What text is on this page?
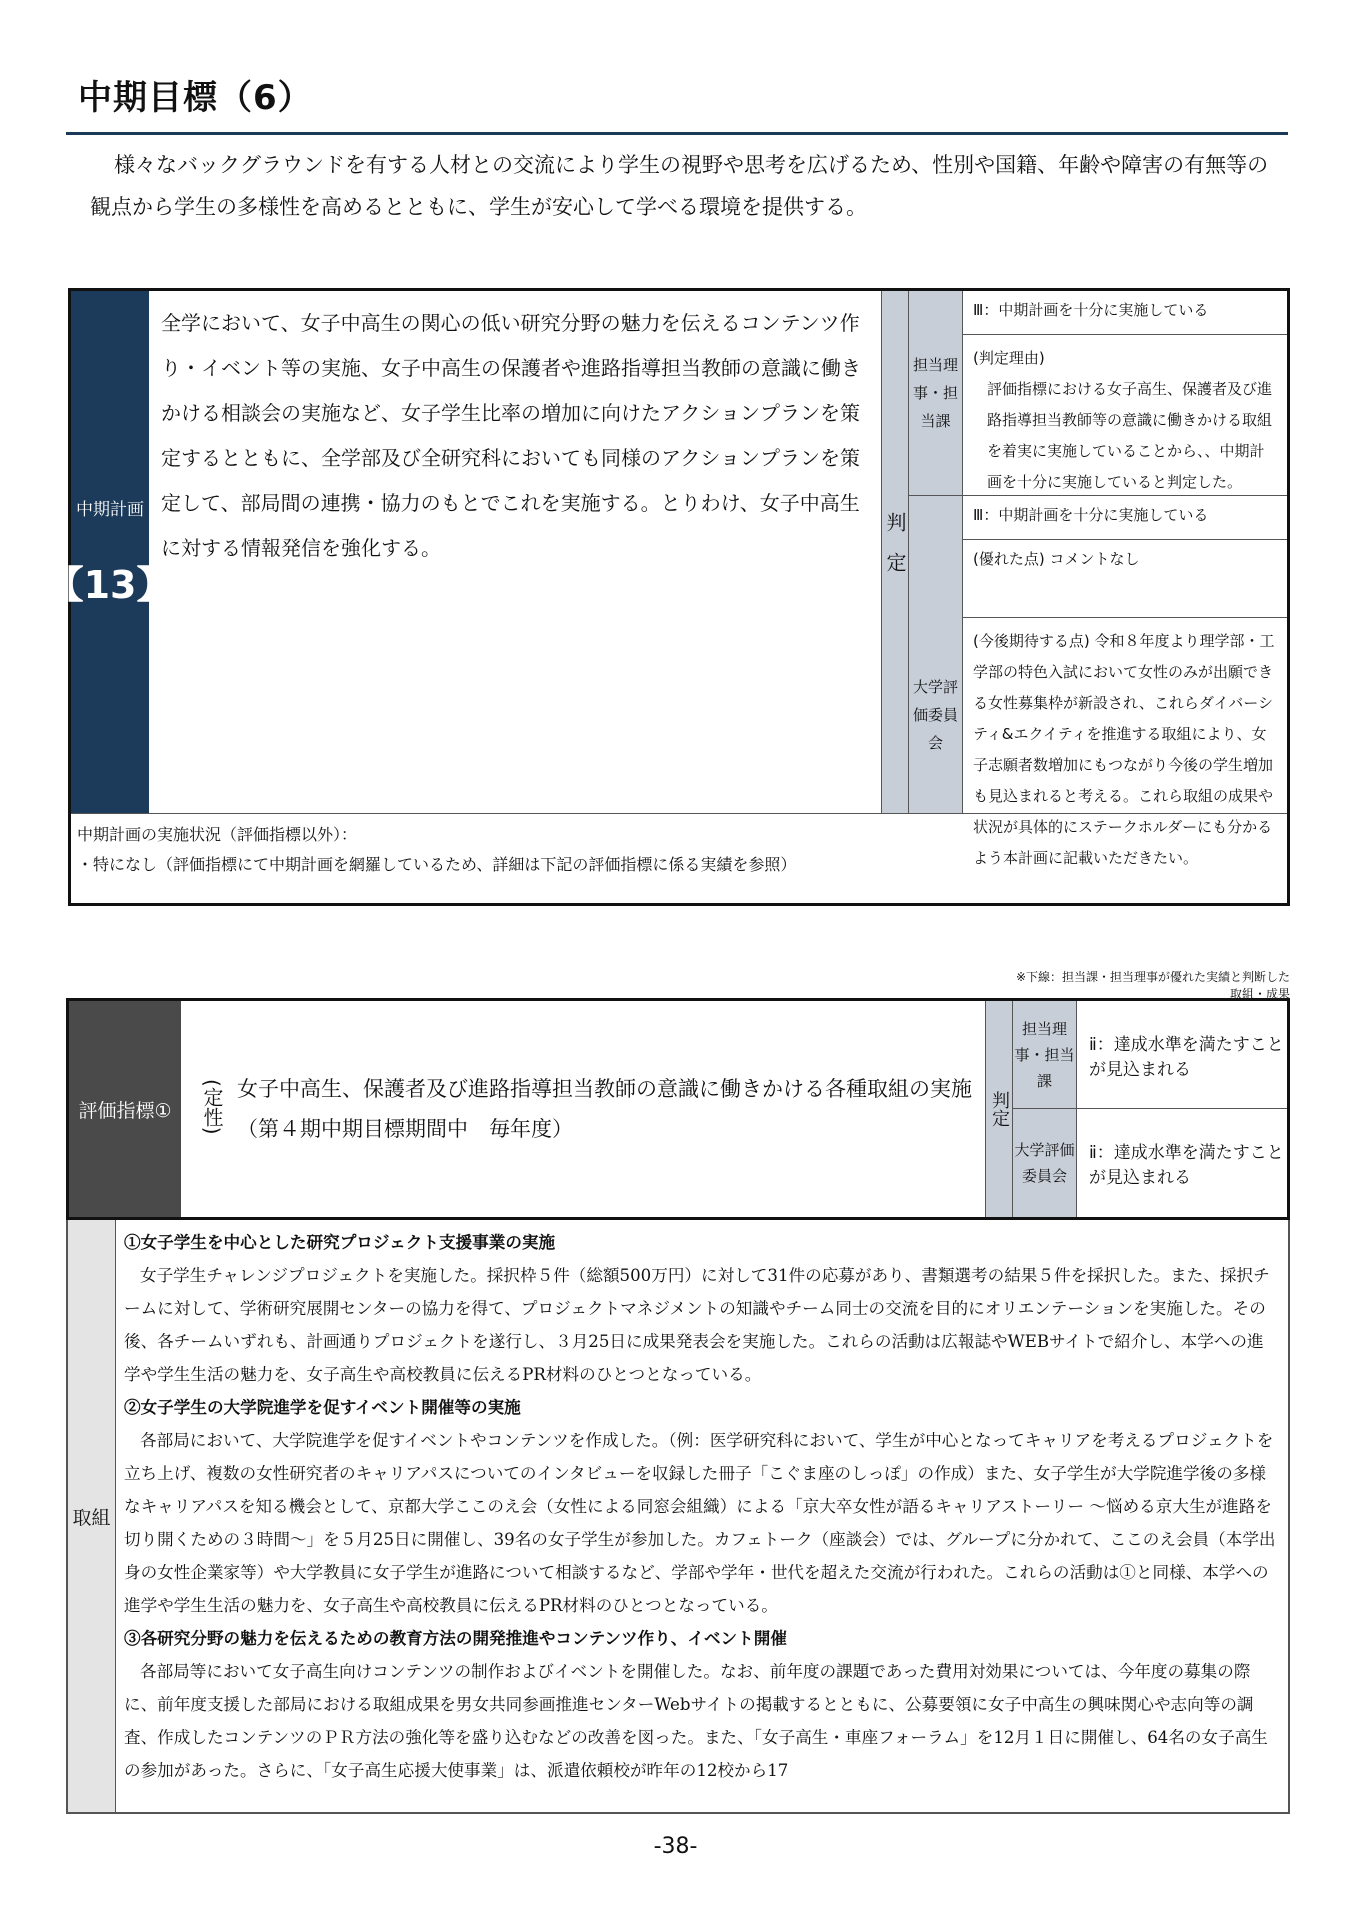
中期目標（6）
様々なバックグラウンドを有する人材との交流により学生の視野や思考を広げるため、性別や国籍、年齢や障害の有無等の観点から学生の多様性を高めるとともに、学生が安心して学べる環境を提供する。
中期計画
【13】
全学において、女子中高生の関心の低い研究分野の魅力を伝えるコンテンツ作り・イベント等の実施、女子中高生の保護者や進路指導担当教師の意識に働きかける相談会の実施など、女子学生比率の増加に向けたアクションプランを策定するとともに、全学部及び全研究科においても同様のアクションプランを策定して、部局間の連携・協力のもとでこれを実施する。とりわけ、女子中高生に対する情報発信を強化する。	判定
担当理事・担当課
大学評価委員会
Ⅲ：中期計画を十分に実施している
(判定理由)
評価指標における女子高生、保護者及び進路指導担当教師等の意識に働きかける取組を着実に実施していることから、、中期計画を十分に実施していると判定した。
Ⅲ：中期計画を十分に実施している
(優れた点) コメントなし
(今後期待する点) 令和８年度より理学部・工学部の特色入試において女性のみが出願できる女性募集枠が新設され、これらダイバーシティ&エクイティを推進する取組により、女子志願者数増加にもつながり今後の学生増加も見込まれると考える。これら取組の成果や状況が具体的にステークホルダーにも分かるよう本計画に記載いただきたい。
中期計画の実施状況（評価指標以外）：
・特になし（評価指標にて中期計画を網羅しているため、詳細は下記の評価指標に係る実績を参照）
※下線：担当課・担当理事が優れた実績と判断した取組・成果
評価指標①	(定性) 女子中高生、保護者及び進路指導担当教師の意識に働きかける各種取組の実施
（第４期中期目標期間中　毎年度）
判定
担当理事・担当課
大学評価委員会
ⅱ：達成水準を満たすことが見込まれる
ⅱ：達成水準を満たすことが見込まれる
取組
①女子学生を中心とした研究プロジェクト支援事業の実施
女子学生チャレンジプロジェクトを実施した。採択枠５件（総額500万円）に対して31件の応募があり、書類選考の結果５件を採択した。また、採択チームに対して、学術研究展開センターの協力を得て、プロジェクトマネジメントの知識やチーム同士の交流を目的にオリエンテーションを実施した。その後、各チームいずれも、計画通りプロジェクトを遂行し、３月25日に成果発表会を実施した。これらの活動は広報誌やWEBサイトで紹介し、本学への進学や学生生活の魅力を、女子高生や高校教員に伝えるPR材料のひとつとなっている。
②女子学生の大学院進学を促すイベント開催等の実施
各部局において、大学院進学を促すイベントやコンテンツを作成した。（例：医学研究科において、学生が中心となってキャリアを考えるプロジェクトを立ち上げ、複数の女性研究者のキャリアパスについてのインタビューを収録した冊子「こぐま座のしっぽ」の作成）また、女子学生が大学院進学後の多様なキャリアパスを知る機会として、京都大学ここのえ会（女性による同窓会組織）による「京大卒女性が語るキャリアストーリー ～悩める京大生が進路を切り開くための３時間～」を５月25日に開催し、39名の女子学生が参加した。カフェトーク（座談会）では、グループに分かれて、ここのえ会員（本学出身の女性企業家等）や大学教員に女子学生が進路について相談するなど、学部や学年・世代を超えた交流が行われた。これらの活動は①と同様、本学への進学や学生生活の魅力を、女子高生や高校教員に伝えるPR材料のひとつとなっている。
③各研究分野の魅力を伝えるための教育方法の開発推進やコンテンツ作り、イベント開催
各部局等において女子高生向けコンテンツの制作およびイベントを開催した。なお、前年度の課題であった費用対効果については、今年度の募集の際に、前年度支援した部局における取組成果を男女共同参画推進センターWebサイトの掲載するとともに、公募要領に女子中高生の興味関心や志向等の調査、作成したコンテンツのＰＲ方法の強化等を盛り込むなどの改善を図った。また、「女子高生・車座フォーラム」を12月１日に開催し、64名の女子高生の参加があった。さらに、「女子高生応援大使事業」は、派遣依頼校が昨年の12校から17
-38-
